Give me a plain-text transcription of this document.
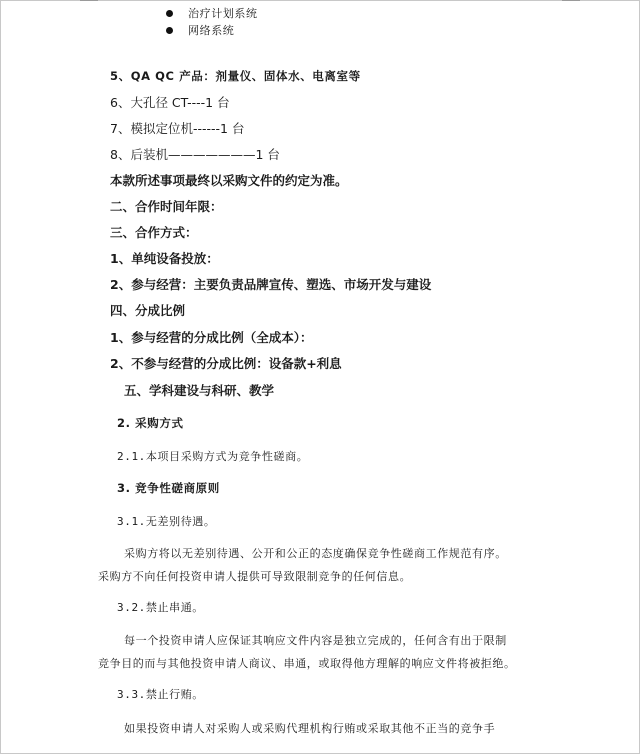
治疗计划系统
网络系统
5、QA QC 产品：剂量仪、固体水、电离室等
6、大孔径 CT----1 台
7、模拟定位机------1 台
8、后装机———————1 台
本款所述事项最终以采购文件的约定为准。
二、合作时间年限：
三、合作方式：
1、单纯设备投放：
2、参与经营：主要负责品牌宣传、塑选、市场开发与建设
四、分成比例
1、参与经营的分成比例（全成本）：
2、不参与经营的分成比例：设备款+利息
五、学科建设与科研、教学
2. 采购方式
2.1.本项目采购方式为竞争性磋商。
3. 竞争性磋商原则
3.1.无差别待遇。
采购方将以无差别待遇、公开和公正的态度确保竞争性磋商工作规范有序。
采购方不向任何投资申请人提供可导致限制竞争的任何信息。
3.2.禁止串通。
每一个投资申请人应保证其响应文件内容是独立完成的，任何含有出于限制
竞争目的而与其他投资申请人商议、串通，或取得他方理解的响应文件将被拒绝。
3.3.禁止行贿。
如果投资申请人对采购人或采购代理机构行贿或采取其他不正当的竞争手
